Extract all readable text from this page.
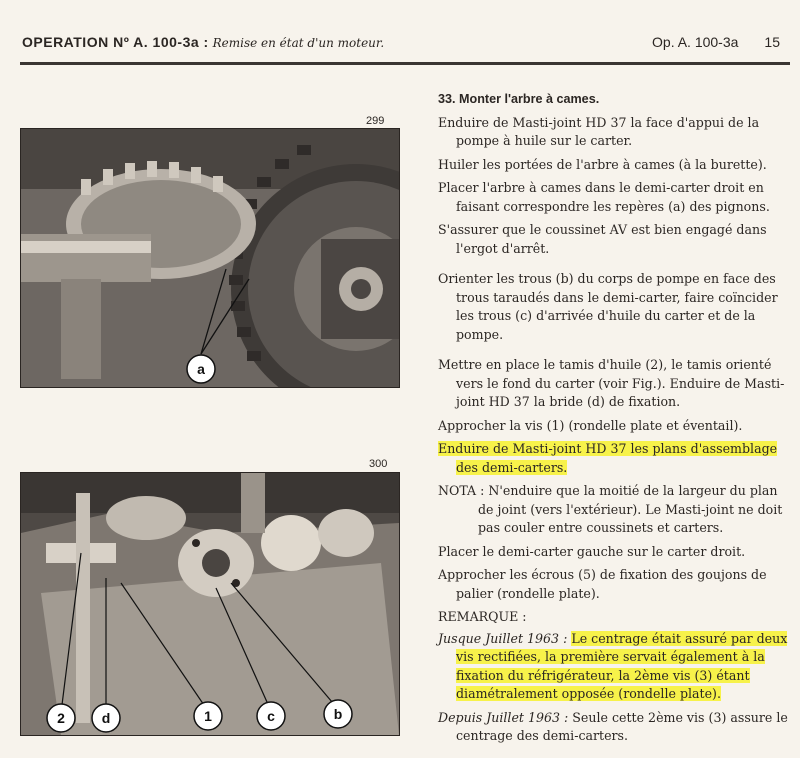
OPERATION Nº A. 100-3a : Remise en état d'un moteur.	Op. A. 100-3a 15
299
a
300
2	d	1	c	b

33. Monter l'arbre à cames.

Enduire de Masti-joint HD 37 la face d'appui de la pompe à huile sur le carter.

Huiler les portées de l'arbre à cames (à la burette).

Placer l'arbre à cames dans le demi-carter droit en faisant correspondre les repères (a) des pignons.

S'assurer que le coussinet AV est bien engagé dans l'ergot d'arrêt.

Orienter les trous (b) du corps de pompe en face des trous taraudés dans le demi-carter, faire coïncider les trous (c) d'arrivée d'huile du carter et de la pompe.

Mettre en place le tamis d'huile (2), le tamis orienté vers le fond du carter (voir Fig.). Enduire de Masti-joint HD 37 la bride (d) de fixation.

Approcher la vis (1) (rondelle plate et éventail).

Enduire de Masti-joint HD 37 les plans d'assemblage des demi-carters.

NOTA : N'enduire que la moitié de la largeur du plan de joint (vers l'extérieur). Le Masti-joint ne doit pas couler entre coussinets et carters.

Placer le demi-carter gauche sur le carter droit.

Approcher les écrous (5) de fixation des goujons de palier (rondelle plate).

REMARQUE :

Jusque Juillet 1963 : Le centrage était assuré par deux vis rectifiées, la première servait également à la fixation du réfrigérateur, la 2ème vis (3) étant diamétralement opposée (rondelle plate).

Depuis Juillet 1963 : Seule cette 2ème vis (3) assure le centrage des demi-carters.
